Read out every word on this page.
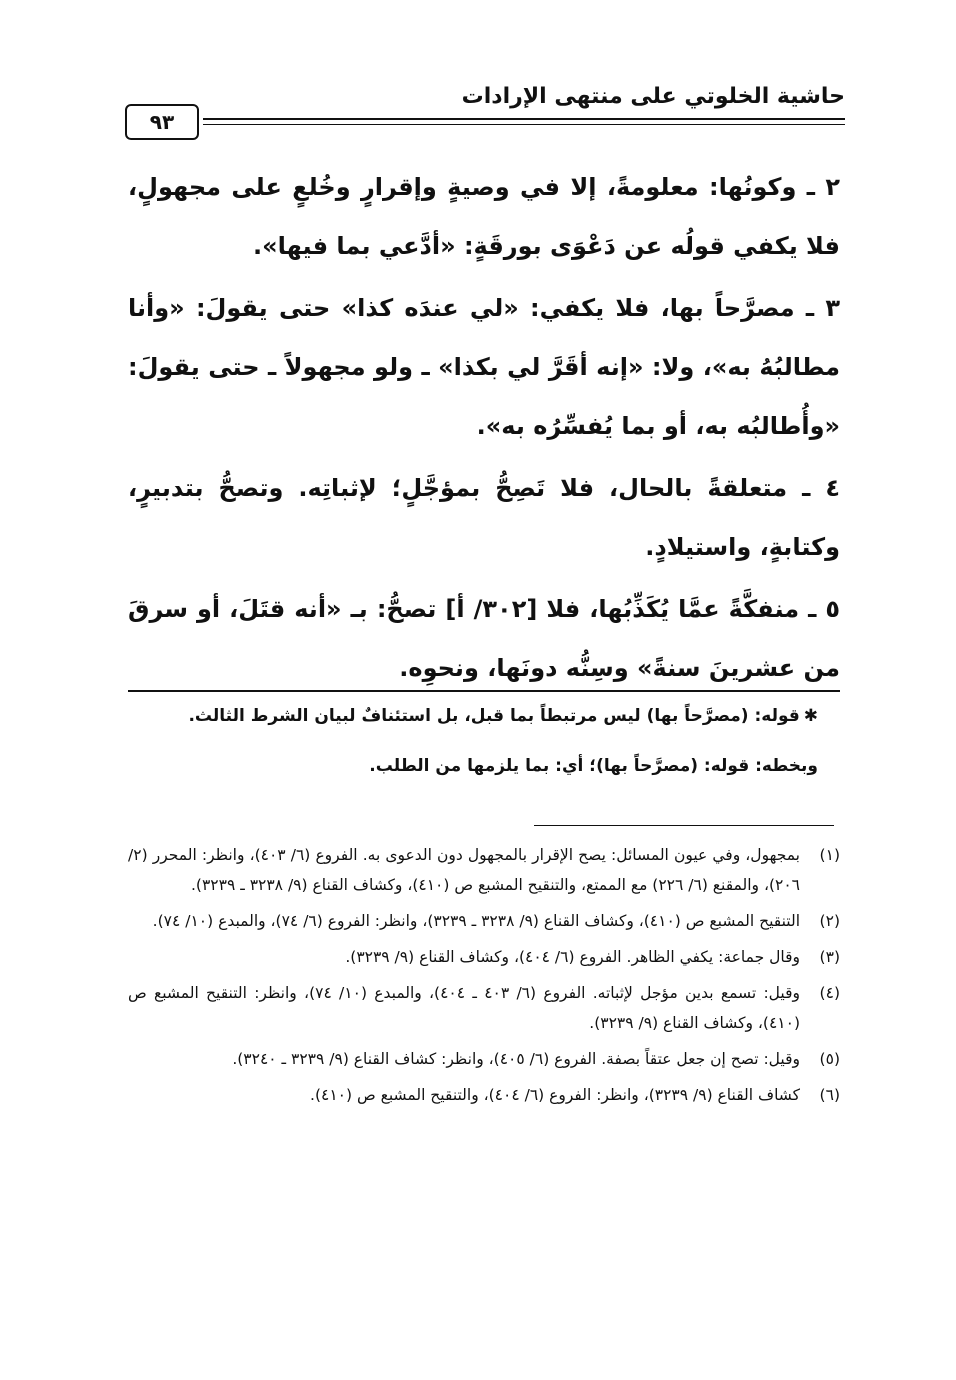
حاشية الخلوتي على منتهى الإرادات
٩٣

٢ ـ وكونُها: معلومةً، إلا في وصيةٍ وإقرارٍ وخُلعٍ على مجهولٍ، فلا يكفي قولُه عن دَعْوَى بورقَةٍ: «أدَّعي بما فيها».

٣ ـ مصرَّحاً بها، فلا يكفي: «لي عندَه كذا» حتى يقولَ: «وأنا مطالبُهُ به»، ولا: «إنه أقَرَّ لي بكذا» ـ ولو مجهولاً ـ حتى يقولَ: «وأُطالبُه به، أو بما يُفسِّرُه به».

٤ ـ متعلقةً بالحال، فلا تَصِحُّ بمؤجَّلٍ؛ لإثباتِه. وتصحُّ بتدبيرٍ، وكتابةٍ، واستيلادٍ.

٥ ـ منفكَّةً عمَّا يُكَذِّبُها، فلا [٣٠٢/ أ] تصحُّ: بـ «أنه قتَلَ، أو سرقَ من عشرينَ سنةً» وسِنُّه دونَها، ونحوِه.

✱قوله: (مصرَّحاً بها) ليس مرتبطاً بما قبل، بل استئنافٌ لبيان الشرط الثالث.

وبخطه: قوله: (مصرَّحاً بها)؛ أي: بما يلزمها من الطلب.

(١)
بمجهول، وفي عيون المسائل: يصح الإقرار بالمجهول دون الدعوى به. الفروع (٦/ ٤٠٣)، وانظر: المحرر (٢/ ٢٠٦)، والمقنع (٦/ ٢٢٦) مع الممتع، والتنقيح المشبع ص (٤١٠)، وكشاف القناع (٩/ ٣٢٣٨ ـ ٣٢٣٩).
(٢)
التنقيح المشبع ص (٤١٠)، وكشاف القناع (٩/ ٣٢٣٨ ـ ٣٢٣٩)، وانظر: الفروع (٦/ ٧٤)، والمبدع (١٠/ ٧٤).
(٣)
وقال جماعة: يكفي الظاهر. الفروع (٦/ ٤٠٤)، وكشاف القناع (٩/ ٣٢٣٩).
(٤)
وقيل: تسمع بدين مؤجل لإثباته. الفروع (٦/ ٤٠٣ ـ ٤٠٤)، والمبدع (١٠/ ٧٤)، وانظر: التنقيح المشبع ص (٤١٠)، وكشاف القناع (٩/ ٣٢٣٩).
(٥)
وقيل: تصح إن جعل عتقاً بصفة. الفروع (٦/ ٤٠٥)، وانظر: كشاف القناع (٩/ ٣٢٣٩ ـ ٣٢٤٠).
(٦)
كشاف القناع (٩/ ٣٢٣٩)، وانظر: الفروع (٦/ ٤٠٤)، والتنقيح المشبع ص (٤١٠).
